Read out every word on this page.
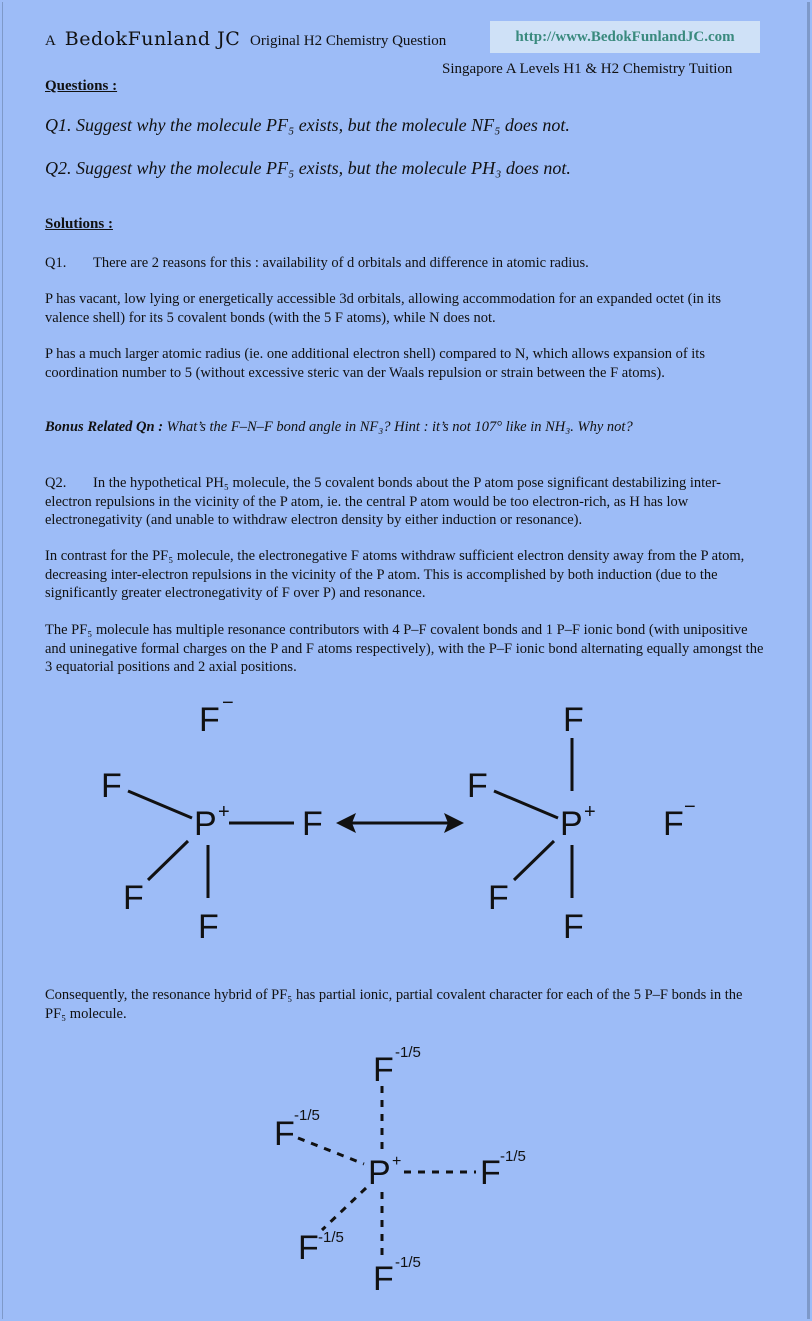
A BedokFunland JC Original H2 Chemistry Question	http://www.BedokFunlandJC.com
Singapore A Levels H1 & H2 Chemistry Tuition
Questions :
Q1. Suggest why the molecule PF₅ exists, but the molecule NF₅ does not.
Q2. Suggest why the molecule PF₅ exists, but the molecule PH₃ does not.
Solutions :
Q1. There are 2 reasons for this : availability of d orbitals and difference in atomic radius.
P has vacant, low lying or energetically accessible 3d orbitals, allowing accommodation for an expanded octet (in its valence shell) for its 5 covalent bonds (with the 5 F atoms), while N does not.
P has a much larger atomic radius (ie. one additional electron shell) compared to N, which allows expansion of its coordination number to 5 (without excessive steric van der Waals repulsion or strain between the F atoms).
Bonus Related Qn : What’s the F–N–F bond angle in NF₃? Hint : it’s not 107° like in NH₃. Why not?
Q2. In the hypothetical PH₅ molecule, the 5 covalent bonds about the P atom pose significant destabilizing inter-electron repulsions in the vicinity of the P atom, ie. the central P atom would be too electron-rich, as H has low electronegativity (and unable to withdraw electron density by either induction or resonance).
In contrast for the PF₅ molecule, the electronegative F atoms withdraw sufficient electron density away from the P atom, decreasing inter-electron repulsions in the vicinity of the P atom. This is accomplished by both induction (due to the significantly greater electronegativity of F over P) and resonance.
The PF₅ molecule has multiple resonance contributors with 4 P–F covalent bonds and 1 P–F ionic bond (with unipositive and uninegative formal charges on the P and F atoms respectively), with the P–F ionic bond alternating equally amongst the 3 equatorial positions and 2 axial positions.
Consequently, the resonance hybrid of PF₅ has partial ionic, partial covalent character for each of the 5 P–F bonds in the PF₅ molecule.
F −
F
P + F
F
F
F
F
P + F −
F
F
F -1/5
F -1/5
P + F -1/5
F -1/5
F -1/5
